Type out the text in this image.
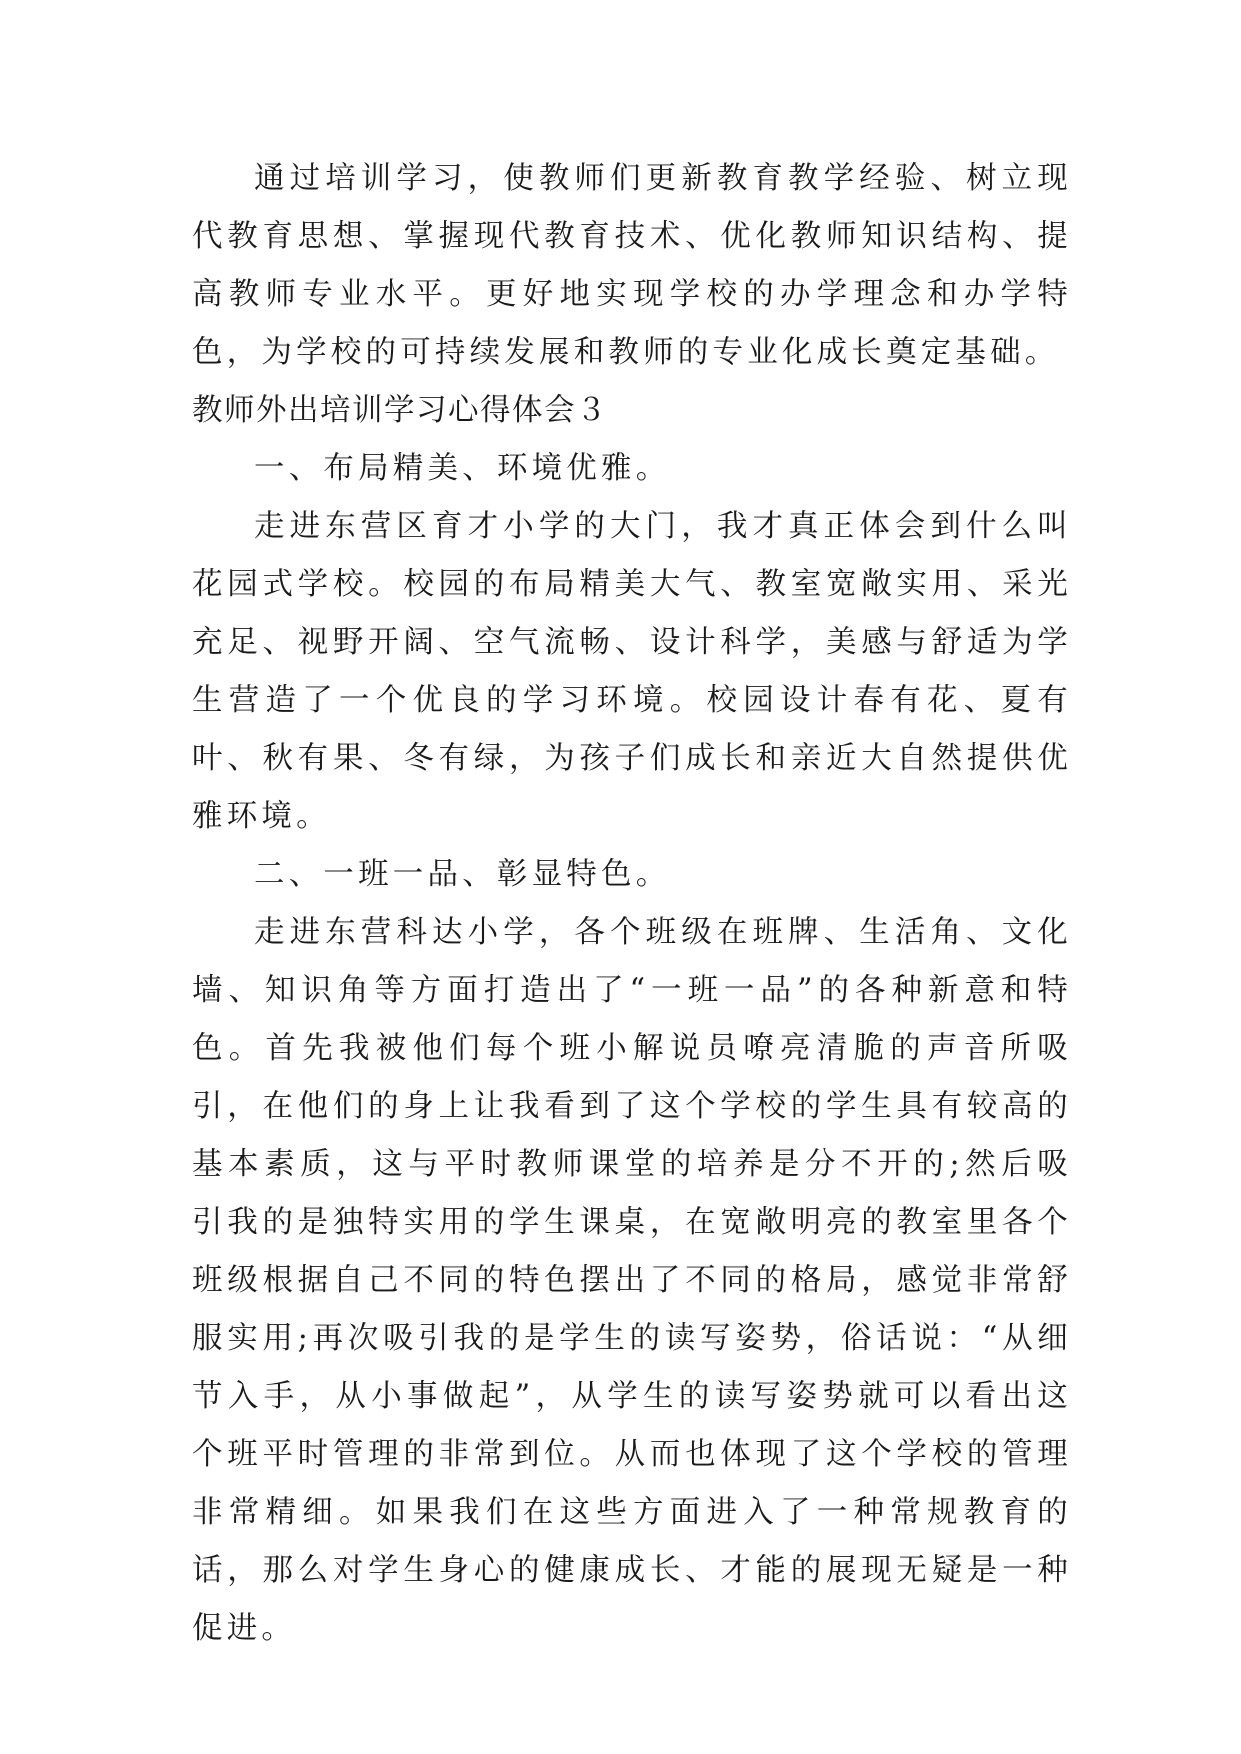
通过培训学习，使教师们更新教育教学经验、树立现代教育思想、掌握现代教育技术、优化教师知识结构、提高教师专业水平。更好地实现学校的办学理念和办学特色，为学校的可持续发展和教师的专业化成长奠定基础。

教师外出培训学习心得体会３

一、布局精美、环境优雅。

走进东营区育才小学的大门，我才真正体会到什么叫花园式学校。校园的布局精美大气、教室宽敞实用、采光充足、视野开阔、空气流畅、设计科学，美感与舒适为学生营造了一个优良的学习环境。校园设计春有花、夏有叶、秋有果、冬有绿，为孩子们成长和亲近大自然提供优雅环境。

二、一班一品、彰显特色。

走进东营科达小学，各个班级在班牌、生活角、文化墙、知识角等方面打造出了“一班一品”的各种新意和特色。首先我被他们每个班小解说员嘹亮清脆的声音所吸引，在他们的身上让我看到了这个学校的学生具有较高的基本素质，这与平时教师课堂的培养是分不开的;然后吸引我的是独特实用的学生课桌，在宽敞明亮的教室里各个班级根据自己不同的特色摆出了不同的格局，感觉非常舒服实用;再次吸引我的是学生的读写姿势，俗话说：“从细节入手，从小事做起”，从学生的读写姿势就可以看出这个班平时管理的非常到位。从而也体现了这个学校的管理非常精细。如果我们在这些方面进入了一种常规教育的话，那么对学生身心的健康成长、才能的展现无疑是一种促进。
